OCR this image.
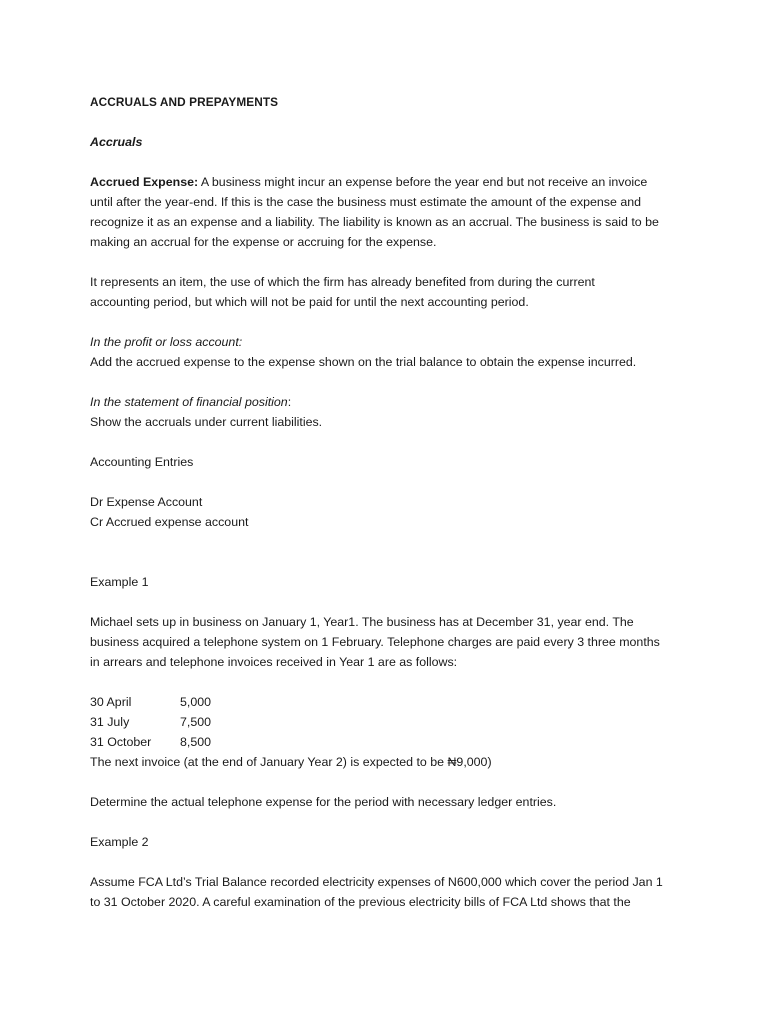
ACCRUALS AND PREPAYMENTS
Accruals
Accrued Expense: A business might incur an expense before the year end but not receive an invoice
until after the year-end. If this is the case the business must estimate the amount of the expense and
recognize it as an expense and a liability. The liability is known as an accrual. The business is said to be
making an accrual for the expense or accruing for the expense.
It represents an item, the use of which the firm has already benefited from during the current
accounting period, but which will not be paid for until the next accounting period.
In the profit or loss account:
Add the accrued expense to the expense shown on the trial balance to obtain the expense incurred.
In the statement of financial position:
Show the accruals under current liabilities.
Accounting Entries
Dr Expense Account
Cr Accrued expense account
Example 1
Michael sets up in business on January 1, Year1. The business has at December 31, year end. The
business acquired a telephone system on 1 February. Telephone charges are paid every 3 three months
in arrears and telephone invoices received in Year 1 are as follows:
30 April	5,000
31 July	7,500
31 October	8,500
The next invoice (at the end of January Year 2) is expected to be ₦9,000)
Determine the actual telephone expense for the period with necessary ledger entries.
Example 2
Assume FCA Ltd’s Trial Balance recorded electricity expenses of N600,000 which cover the period Jan 1
to 31 October 2020. A careful examination of the previous electricity bills of FCA Ltd shows that the
